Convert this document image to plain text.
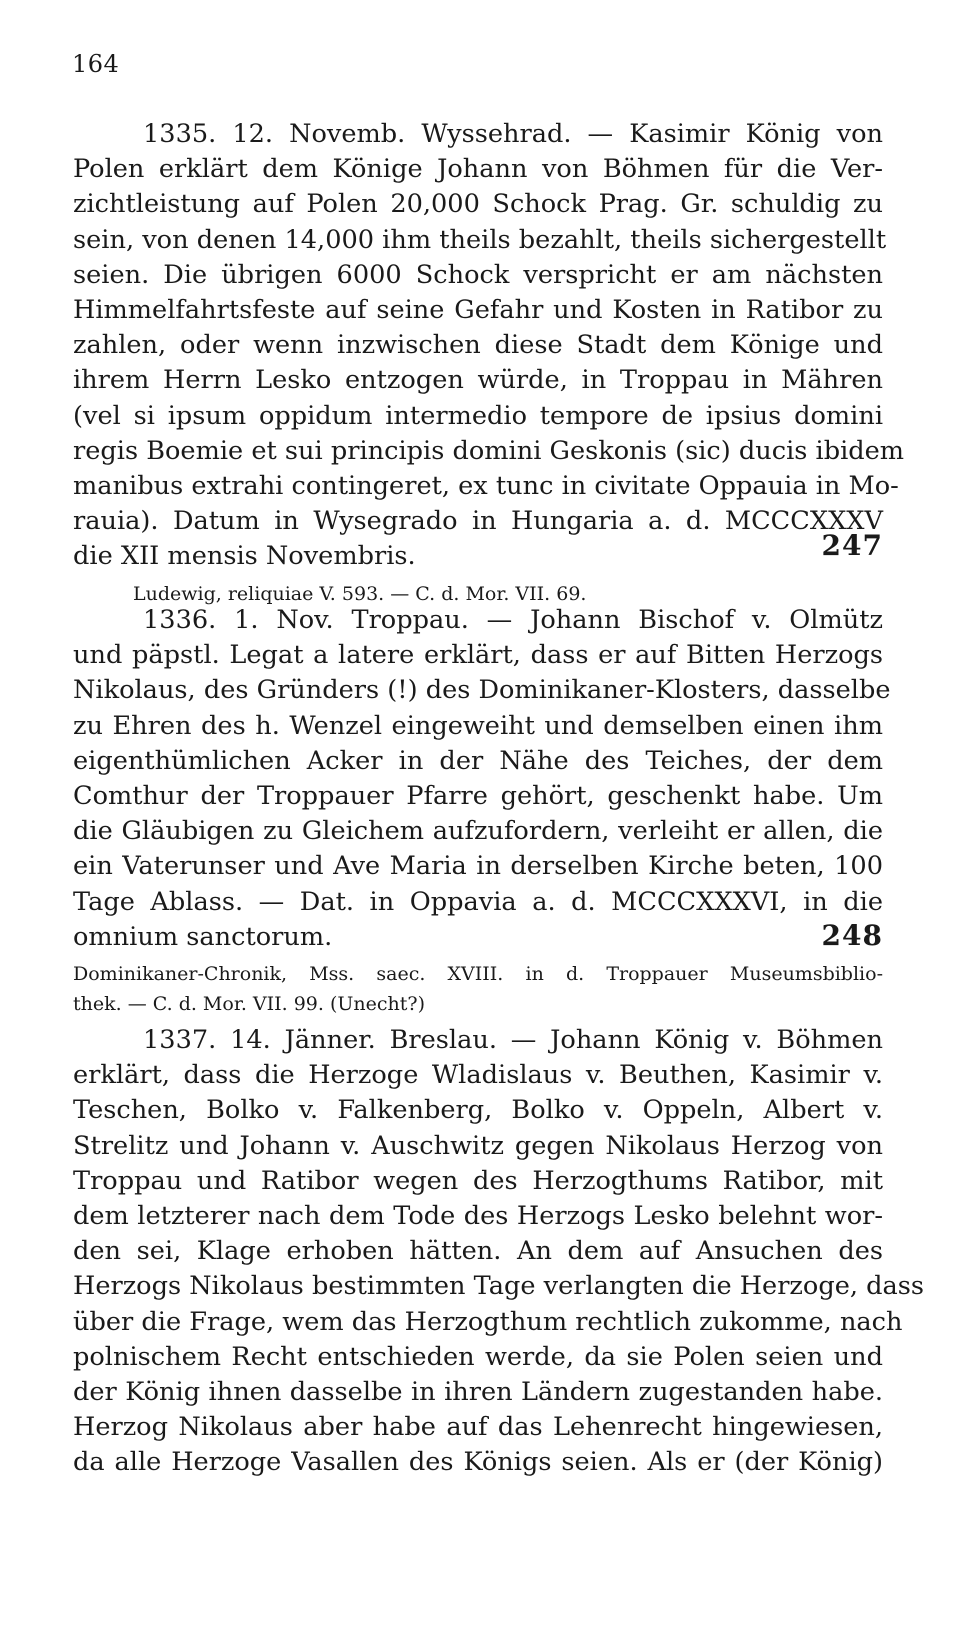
164
1335. 12. Novemb. Wyssehrad. — Kasimir König von
Polen erklärt dem Könige Johann von Böhmen für die Ver-
zichtleistung auf Polen 20,000 Schock Prag. Gr. schuldig zu
sein, von denen 14,000 ihm theils bezahlt, theils sichergestellt
seien. Die übrigen 6000 Schock verspricht er am nächsten
Himmelfahrtsfeste auf seine Gefahr und Kosten in Ratibor zu
zahlen, oder wenn inzwischen diese Stadt dem Könige und
ihrem Herrn Lesko entzogen würde, in Troppau in Mähren
(vel si ipsum oppidum intermedio tempore de ipsius domini
regis Boemie et sui principis domini Geskonis (sic) ducis ibidem
manibus extrahi contingeret, ex tunc in civitate Oppauia in Mo-
rauia). Datum in Wysegrado in Hungaria a. d. MCCCXXXV
die XII mensis Novembris.	247
Ludewig, reliquiae V. 593. — C. d. Mor. VII. 69.
1336. 1. Nov. Troppau. — Johann Bischof v. Olmütz
und päpstl. Legat a latere erklärt, dass er auf Bitten Herzogs
Nikolaus, des Gründers (!) des Dominikaner-Klosters, dasselbe
zu Ehren des h. Wenzel eingeweiht und demselben einen ihm
eigenthümlichen Acker in der Nähe des Teiches, der dem
Comthur der Troppauer Pfarre gehört, geschenkt habe. Um
die Gläubigen zu Gleichem aufzufordern, verleiht er allen, die
ein Vaterunser und Ave Maria in derselben Kirche beten, 100
Tage Ablass. — Dat. in Oppavia a. d. MCCCXXXVI, in die
omnium sanctorum.	248
Dominikaner-Chronik, Mss. saec. XVIII. in d. Troppauer Museumsbiblio-
thek. — C. d. Mor. VII. 99. (Unecht?)
1337. 14. Jänner. Breslau. — Johann König v. Böhmen
erklärt, dass die Herzoge Wladislaus v. Beuthen, Kasimir v.
Teschen, Bolko v. Falkenberg, Bolko v. Oppeln, Albert v.
Strelitz und Johann v. Auschwitz gegen Nikolaus Herzog von
Troppau und Ratibor wegen des Herzogthums Ratibor, mit
dem letzterer nach dem Tode des Herzogs Lesko belehnt wor-
den sei, Klage erhoben hätten. An dem auf Ansuchen des
Herzogs Nikolaus bestimmten Tage verlangten die Herzoge, dass
über die Frage, wem das Herzogthum rechtlich zukomme, nach
polnischem Recht entschieden werde, da sie Polen seien und
der König ihnen dasselbe in ihren Ländern zugestanden habe.
Herzog Nikolaus aber habe auf das Lehenrecht hingewiesen,
da alle Herzoge Vasallen des Königs seien. Als er (der König)
